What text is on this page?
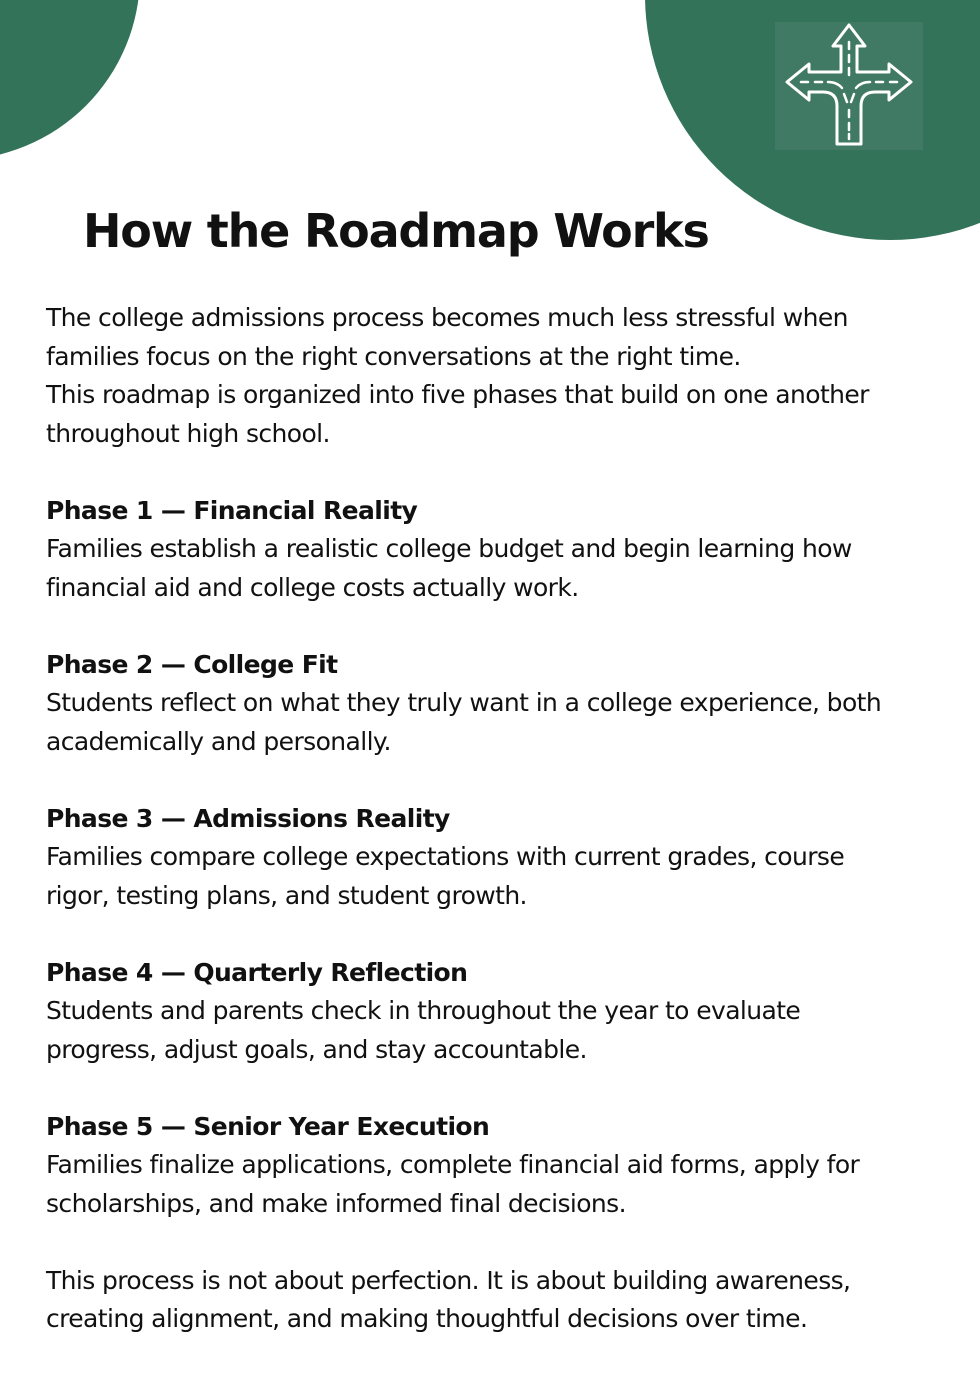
How the Roadmap Works

The college admissions process becomes much less stressful when

families focus on the right conversations at the right time.

This roadmap is organized into five phases that build on one another

throughout high school.

Phase 1 — Financial Reality

Families establish a realistic college budget and begin learning how

financial aid and college costs actually work.

Phase 2 — College Fit

Students reflect on what they truly want in a college experience, both

academically and personally.

Phase 3 — Admissions Reality

Families compare college expectations with current grades, course

rigor, testing plans, and student growth.

Phase 4 — Quarterly Reflection

Students and parents check in throughout the year to evaluate

progress, adjust goals, and stay accountable.

Phase 5 — Senior Year Execution

Families finalize applications, complete financial aid forms, apply for

scholarships, and make informed final decisions.

This process is not about perfection. It is about building awareness,

creating alignment, and making thoughtful decisions over time.
